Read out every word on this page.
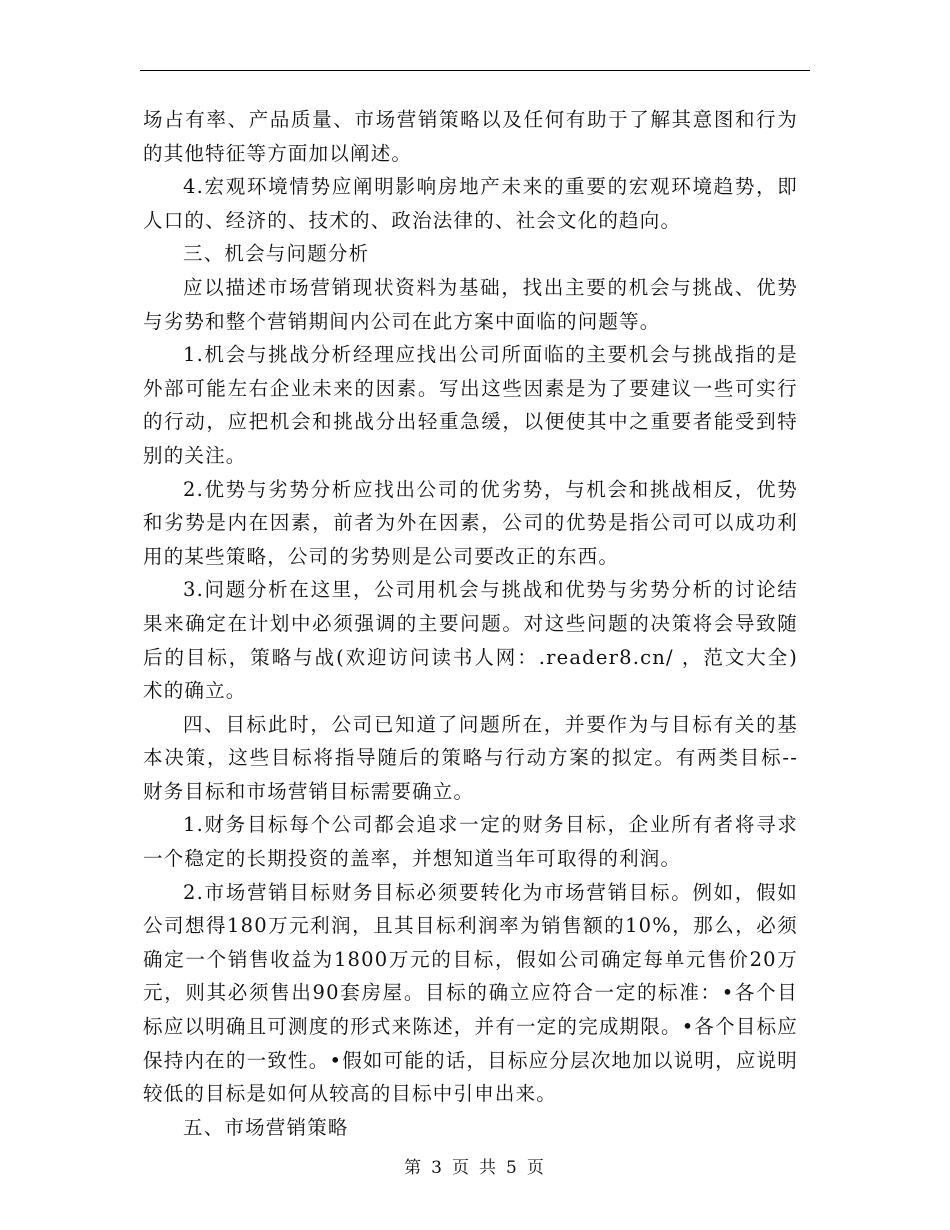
场占有率、产品质量、市场营销策略以及任何有助于了解其意图和行为的其他特征等方面加以阐述。

4.宏观环境情势应阐明影响房地产未来的重要的宏观环境趋势，即人口的、经济的、技术的、政治法律的、社会文化的趋向。

三、机会与问题分析

应以描述市场营销现状资料为基础，找出主要的机会与挑战、优势与劣势和整个营销期间内公司在此方案中面临的问题等。

1.机会与挑战分析经理应找出公司所面临的主要机会与挑战指的是外部可能左右企业未来的因素。写出这些因素是为了要建议一些可实行的行动，应把机会和挑战分出轻重急缓，以便使其中之重要者能受到特别的关注。

2.优势与劣势分析应找出公司的优劣势，与机会和挑战相反，优势和劣势是内在因素，前者为外在因素，公司的优势是指公司可以成功利用的某些策略，公司的劣势则是公司要改正的东西。

3.问题分析在这里，公司用机会与挑战和优势与劣势分析的讨论结果来确定在计划中必须强调的主要问题。对这些问题的决策将会导致随后的目标，策略与战(欢迎访问读书人网：.reader8.cn/ ，范文大全)术的确立。

四、目标此时，公司已知道了问题所在，并要作为与目标有关的基本决策，这些目标将指导随后的策略与行动方案的拟定。有两类目标--财务目标和市场营销目标需要确立。

1.财务目标每个公司都会追求一定的财务目标，企业所有者将寻求一个稳定的长期投资的盖率，并想知道当年可取得的利润。

2.市场营销目标财务目标必须要转化为市场营销目标。例如，假如公司想得180万元利润，且其目标利润率为销售额的10%，那么，必须确定一个销售收益为1800万元的目标，假如公司确定每单元售价20万元，则其必须售出90套房屋。目标的确立应符合一定的标准：•各个目标应以明确且可测度的形式来陈述，并有一定的完成期限。•各个目标应保持内在的一致性。•假如可能的话，目标应分层次地加以说明，应说明较低的目标是如何从较高的目标中引申出来。

五、市场营销策略

第 3 页 共 5 页
